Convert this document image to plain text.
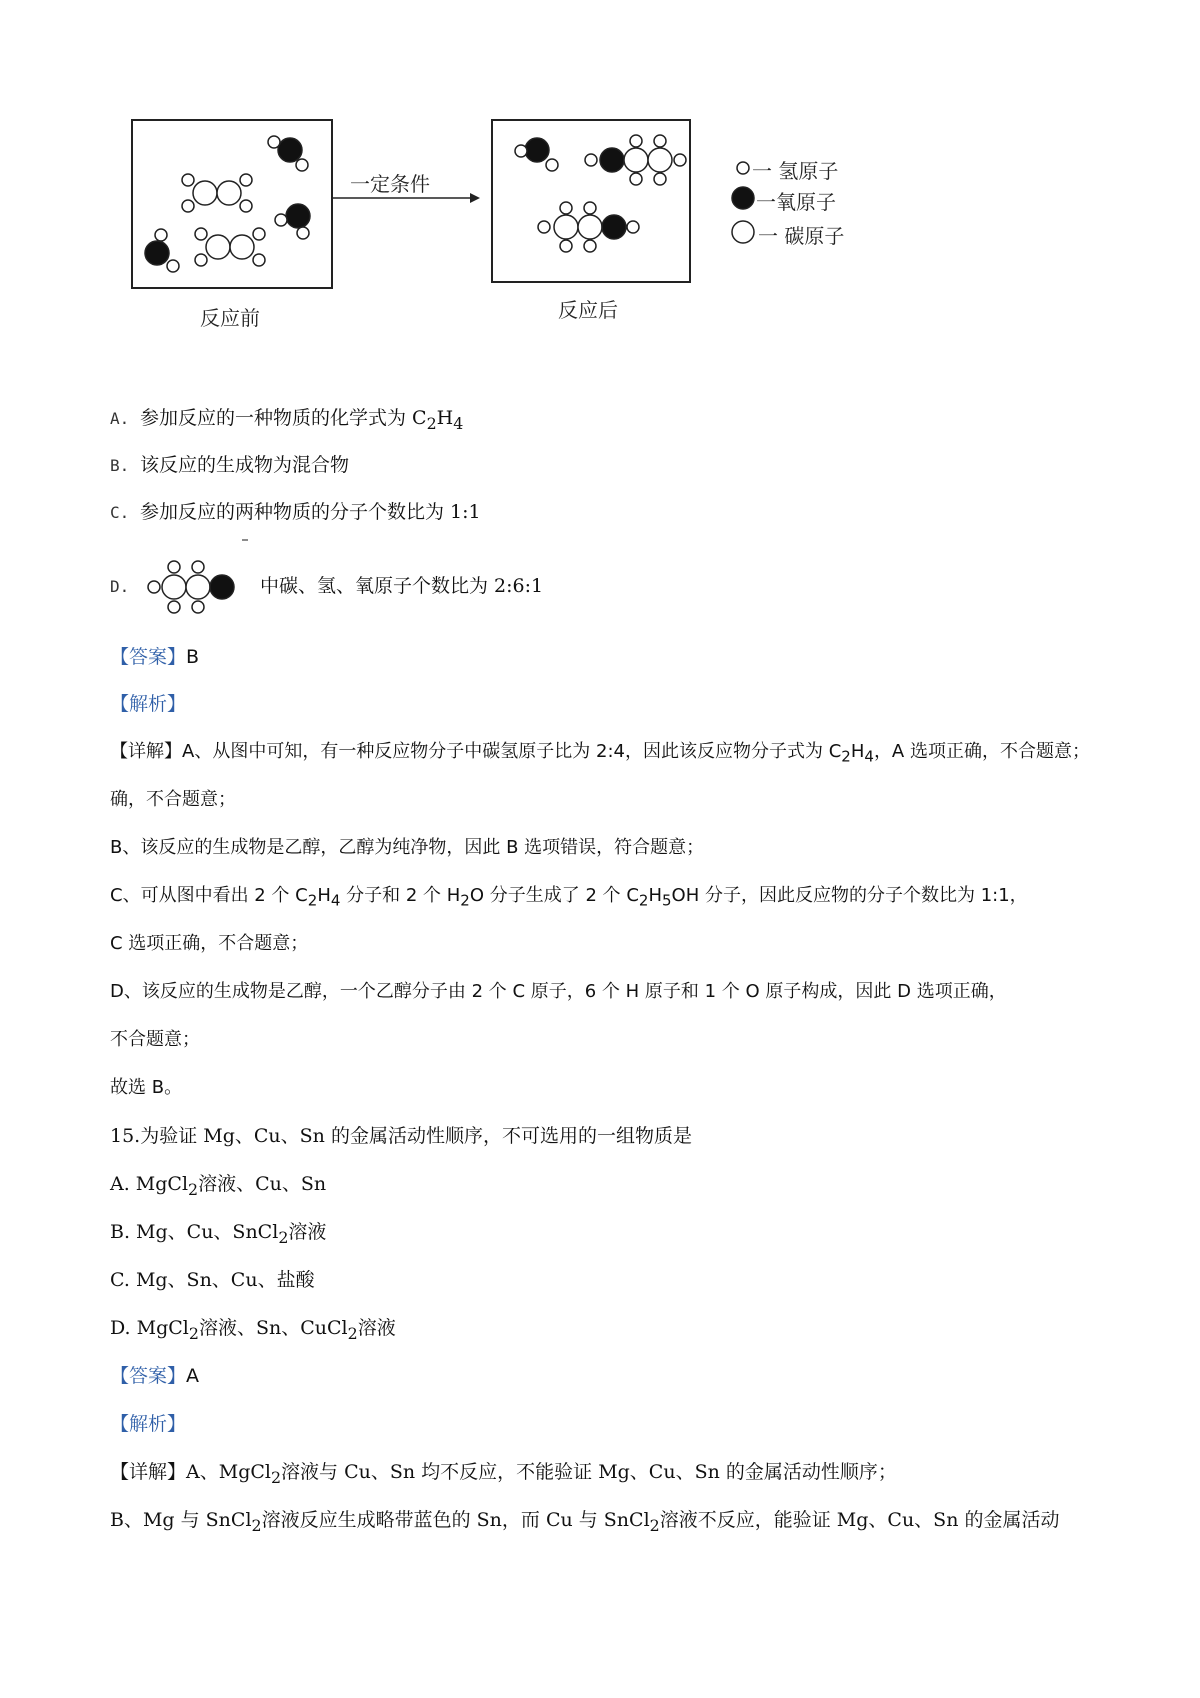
一定条件
反应前	反应后
一 氢原子
一氧原子
一 碳原子
A. 参加反应的一种物质的化学式为 $C_2H_4$
B. 该反应的生成物为混合物
C. 参加反应的两种物质的分子个数比为 1:1
D.	中碳、氢、氧原子个数比为 2:6:1
【答案】B
【解析】
【详解】A、从图中可知，有一种反应物分子中碳氢原子比为 2:4，因此该反应物分子式为 $C_2H_4$，A 选项正确，不合题意；
确，不合题意；
B、该反应的生成物是乙醇，乙醇为纯净物，因此 B 选项错误，符合题意；
C、可从图中看出 2 个 $C_2H_4$ 分子和 2 个 $H_2O$ 分子生成了 2 个 $C_2H_5OH$ 分子，因此反应物的分子个数比为 1:1，
C 选项正确，不合题意；
D、该反应的生成物是乙醇，一个乙醇分子由 2 个 C 原子，6 个 H 原子和 1 个 O 原子构成，因此 D 选项正确，
不合题意；
故选 B。
15.为验证 Mg、Cu、Sn 的金属活动性顺序，不可选用的一组物质是
A. MgCl$_2$溶液、Cu、Sn
B. Mg、Cu、SnCl$_2$溶液
C. Mg、Sn、Cu、盐酸
D. MgCl$_2$溶液、Sn、CuCl$_2$溶液
【答案】A
【解析】
【详解】A、MgCl$_2$溶液与 Cu、Sn 均不反应，不能验证 Mg、Cu、Sn 的金属活动性顺序；
B、Mg 与 SnCl$_2$溶液反应生成略带蓝色的 Sn，而 Cu 与 SnCl$_2$溶液不反应，能验证 Mg、Cu、Sn 的金属活动
